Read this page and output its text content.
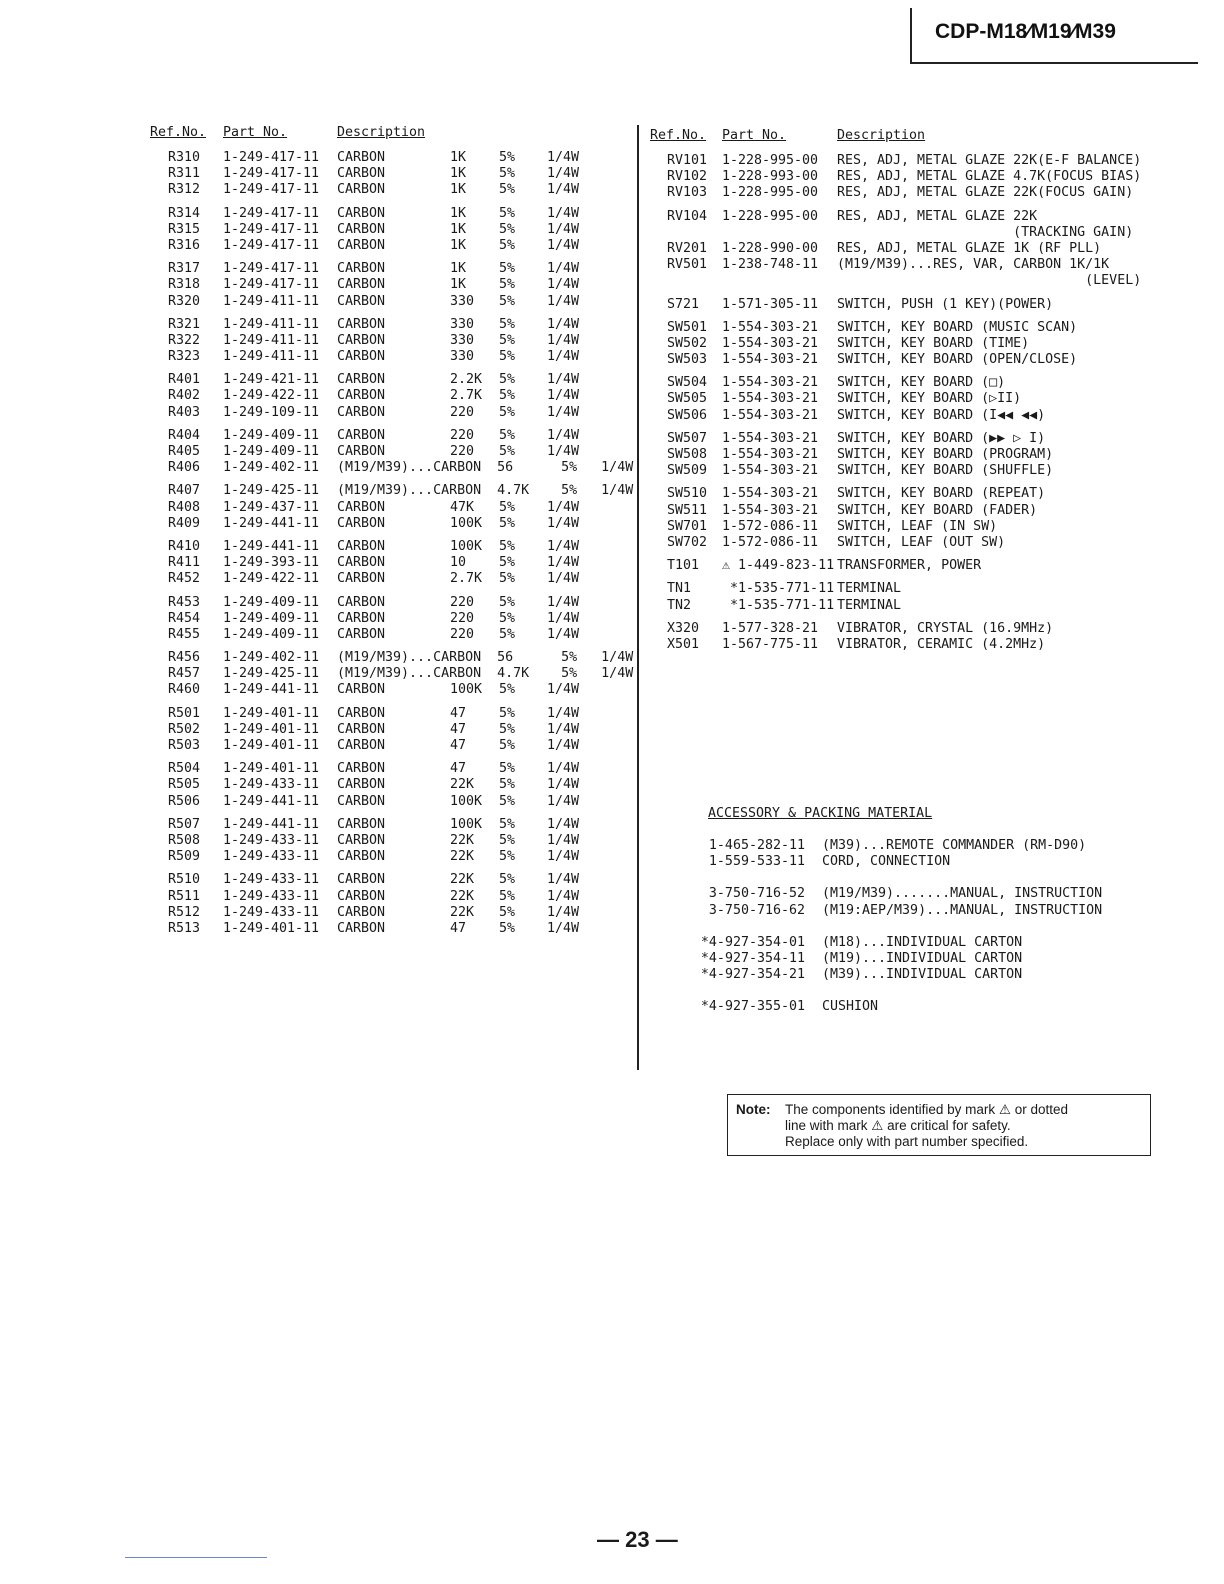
CDP-M18∕M19∕M39
Ref.No. Part No.	Description
R310 1-249-417-11 CARBON	1K 5% 1/4W
R311 1-249-417-11 CARBON	1K 5% 1/4W
R312 1-249-417-11 CARBON	1K 5% 1/4W
R314 1-249-417-11 CARBON	1K 5% 1/4W
R315 1-249-417-11 CARBON	1K 5% 1/4W
R316 1-249-417-11 CARBON	1K 5% 1/4W
R317 1-249-417-11 CARBON	1K 5% 1/4W
R318 1-249-417-11 CARBON	1K 5% 1/4W
R320 1-249-411-11 CARBON	330 5% 1/4W
R321 1-249-411-11 CARBON	330 5% 1/4W
R322 1-249-411-11 CARBON	330 5% 1/4W
R323 1-249-411-11 CARBON	330 5% 1/4W
R401 1-249-421-11 CARBON	2.2K 5% 1/4W
R402 1-249-422-11 CARBON	2.7K 5% 1/4W
R403 1-249-109-11 CARBON	220 5% 1/4W
R404 1-249-409-11 CARBON	220 5% 1/4W
R405 1-249-409-11 CARBON	220 5% 1/4W
R406 1-249-402-11 (M19/M39)...CARBON  56      5%   1/4W
R407 1-249-425-11 (M19/M39)...CARBON  4.7K    5%   1/4W
R408 1-249-437-11 CARBON	47K 5% 1/4W
R409 1-249-441-11 CARBON	100K 5% 1/4W
R410 1-249-441-11 CARBON	100K 5% 1/4W
R411 1-249-393-11 CARBON	10 5% 1/4W
R452 1-249-422-11 CARBON	2.7K 5% 1/4W
R453 1-249-409-11 CARBON	220 5% 1/4W
R454 1-249-409-11 CARBON	220 5% 1/4W
R455 1-249-409-11 CARBON	220 5% 1/4W
R456 1-249-402-11 (M19/M39)...CARBON  56      5%   1/4W
R457 1-249-425-11 (M19/M39)...CARBON  4.7K    5%   1/4W
R460 1-249-441-11 CARBON	100K 5% 1/4W
R501 1-249-401-11 CARBON	47 5% 1/4W
R502 1-249-401-11 CARBON	47 5% 1/4W
R503 1-249-401-11 CARBON	47 5% 1/4W
R504 1-249-401-11 CARBON	47 5% 1/4W
R505 1-249-433-11 CARBON	22K 5% 1/4W
R506 1-249-441-11 CARBON	100K 5% 1/4W
R507 1-249-441-11 CARBON	100K 5% 1/4W
R508 1-249-433-11 CARBON	22K 5% 1/4W
R509 1-249-433-11 CARBON	22K 5% 1/4W
R510 1-249-433-11 CARBON	22K 5% 1/4W
R511 1-249-433-11 CARBON	22K 5% 1/4W
R512 1-249-433-11 CARBON	22K 5% 1/4W
R513 1-249-401-11 CARBON	47 5% 1/4W
Ref.No. Part No.	Description
RV101 1-228-995-00 RES, ADJ, METAL GLAZE 22K(E-F BALANCE)
RV102 1-228-993-00 RES, ADJ, METAL GLAZE 4.7K(FOCUS BIAS)
RV103 1-228-995-00 RES, ADJ, METAL GLAZE 22K(FOCUS GAIN)
RV104 1-228-995-00 RES, ADJ, METAL GLAZE 22K
(TRACKING GAIN)
RV201 1-228-990-00 RES, ADJ, METAL GLAZE 1K (RF PLL)
RV501 1-238-748-11 (M19/M39)...RES, VAR, CARBON 1K/1K
(LEVEL)
S721 1-571-305-11 SWITCH, PUSH (1 KEY)(POWER)
SW501 1-554-303-21 SWITCH, KEY BOARD (MUSIC SCAN)
SW502 1-554-303-21 SWITCH, KEY BOARD (TIME)
SW503 1-554-303-21 SWITCH, KEY BOARD (OPEN/CLOSE)
SW504 1-554-303-21 SWITCH, KEY BOARD (□)
SW505 1-554-303-21 SWITCH, KEY BOARD (▷II)
SW506 1-554-303-21 SWITCH, KEY BOARD (I◀◀ ◀◀)
SW507 1-554-303-21 SWITCH, KEY BOARD (▶▶ ▷ I)
SW508 1-554-303-21 SWITCH, KEY BOARD (PROGRAM)
SW509 1-554-303-21 SWITCH, KEY BOARD (SHUFFLE)
SW510 1-554-303-21 SWITCH, KEY BOARD (REPEAT)
SW511 1-554-303-21 SWITCH, KEY BOARD (FADER)
SW701 1-572-086-11 SWITCH, LEAF (IN SW)
SW702 1-572-086-11 SWITCH, LEAF (OUT SW)
T101 ⚠ 1-449-823-11 TRANSFORMER, POWER
TN1 *1-535-771-11 TERMINAL
TN2 *1-535-771-11 TERMINAL
X320 1-577-328-21 VIBRATOR, CRYSTAL (16.9MHz)
X501 1-567-775-11 VIBRATOR, CERAMIC (4.2MHz)
ACCESSORY & PACKING MATERIAL
1-465-282-11 (M39)...REMOTE COMMANDER (RM-D90)
1-559-533-11 CORD, CONNECTION
3-750-716-52 (M19/M39).......MANUAL, INSTRUCTION
3-750-716-62 (M19:AEP/M39)...MANUAL, INSTRUCTION
*4-927-354-01 (M18)...INDIVIDUAL CARTON
*4-927-354-11 (M19)...INDIVIDUAL CARTON
*4-927-354-21 (M39)...INDIVIDUAL CARTON
*4-927-355-01 CUSHION
Note: The components identified by mark ⚠ or dotted
line with mark ⚠ are critical for safety.
Replace only with part number specified.
— 23 —
